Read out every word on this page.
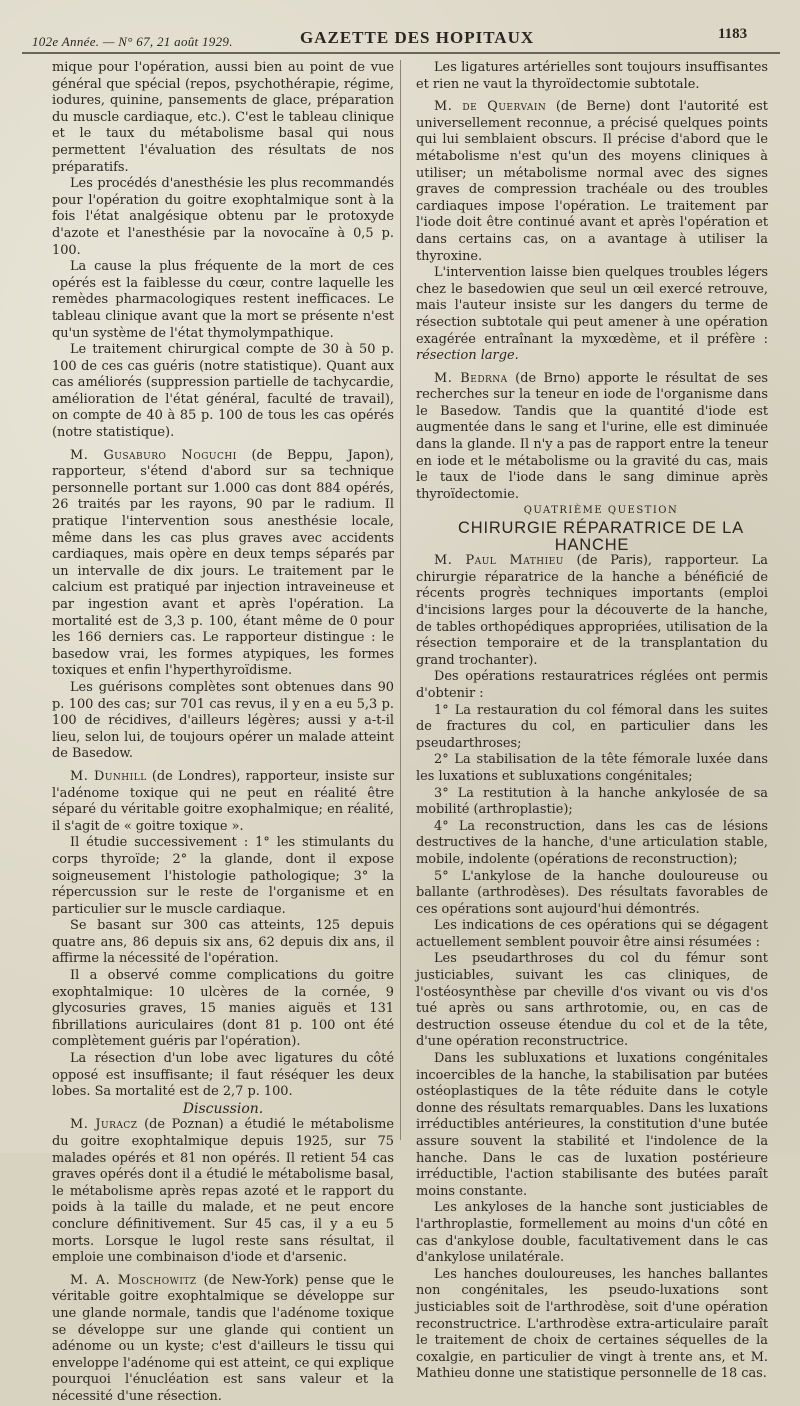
102e Année. — N° 67, 21 août 1929.	GAZETTE DES HOPITAUX	1183

mique pour l'opération, aussi bien au point de vue général que spécial (repos, psychothérapie, régime, iodures, quinine, pansements de glace, préparation du muscle cardiaque, etc.). C'est le tableau clinique et le taux du métabolisme basal qui nous permettent l'évaluation des résultats de nos préparatifs.

Les procédés d'anesthésie les plus recommandés pour l'opération du goitre exophtalmique sont à la fois l'état analgésique obtenu par le protoxyde d'azote et l'anesthésie par la novocaïne à 0,5 p. 100.

La cause la plus fréquente de la mort de ces opérés est la faiblesse du cœur, contre laquelle les remèdes pharmacologiques restent inefficaces. Le tableau clinique avant que la mort se présente n'est qu'un système de l'état thymolympathique.

Le traitement chirurgical compte de 30 à 50 p. 100 de ces cas guéris (notre statistique). Quant aux cas améliorés (suppression partielle de tachycardie, amélioration de l'état général, faculté de travail), on compte de 40 à 85 p. 100 de tous les cas opérés (notre statistique).

M. Gusaburo Noguchi (de Beppu, Japon), rapporteur, s'étend d'abord sur sa technique personnelle portant sur 1.000 cas dont 884 opérés, 26 traités par les rayons, 90 par le radium. Il pratique l'intervention sous anesthésie locale, même dans les cas plus graves avec accidents cardiaques, mais opère en deux temps séparés par un intervalle de dix jours. Le traitement par le calcium est pratiqué par injection intraveineuse et par ingestion avant et après l'opération. La mortalité est de 3,3 p. 100, étant même de 0 pour les 166 derniers cas. Le rapporteur distingue : le basedow vrai, les formes atypiques, les formes toxiques et enfin l'hyperthyroïdisme.

Les guérisons complètes sont obtenues dans 90 p. 100 des cas; sur 701 cas revus, il y en a eu 5,3 p. 100 de récidives, d'ailleurs légères; aussi y a-t-il lieu, selon lui, de toujours opérer un malade atteint de Basedow.

M. Dunhill (de Londres), rapporteur, insiste sur l'adénome toxique qui ne peut en réalité être séparé du véritable goitre exophalmique; en réalité, il s'agit de « goitre toxique ».

Il étudie successivement : 1° les stimulants du corps thyroïde; 2° la glande, dont il expose soigneusement l'histologie pathologique; 3° la répercussion sur le reste de l'organisme et en particulier sur le muscle cardiaque.

Se basant sur 300 cas atteints, 125 depuis quatre ans, 86 depuis six ans, 62 depuis dix ans, il affirme la nécessité de l'opération.

Il a observé comme complications du goitre exophtalmique: 10 ulcères de la cornée, 9 glycosuries graves, 15 manies aiguës et 131 fibrillations auriculaires (dont 81 p. 100 ont été complètement guéris par l'opération).

La résection d'un lobe avec ligatures du côté opposé est insuffisante; il faut réséquer les deux lobes. Sa mortalité est de 2,7 p. 100.

Discussion.

M. Juracz (de Poznan) a étudié le métabolisme du goitre exophtalmique depuis 1925, sur 75 malades opérés et 81 non opérés. Il retient 54 cas graves opérés dont il a étudié le métabolisme basal, le métabolisme après repas azoté et le rapport du poids à la taille du malade, et ne peut encore conclure définitivement. Sur 45 cas, il y a eu 5 morts. Lorsque le lugol reste sans résultat, il emploie une combinaison d'iode et d'arsenic.

M. A. Moschowitz (de New-York) pense que le véritable goitre exophtalmique se développe sur une glande normale, tandis que l'adénome toxique se développe sur une glande qui contient un adénome ou un kyste; c'est d'ailleurs le tissu qui enveloppe l'adénome qui est atteint, ce qui explique pourquoi l'énucléation est sans valeur et la nécessité d'une résection.

Les ligatures artérielles sont toujours insuffisantes et rien ne vaut la thyroïdectomie subtotale.

M. de Quervain (de Berne) dont l'autorité est universellement reconnue, a précisé quelques points qui lui semblaient obscurs. Il précise d'abord que le métabolisme n'est qu'un des moyens cliniques à utiliser; un métabolisme normal avec des signes graves de compression trachéale ou des troubles cardiaques impose l'opération. Le traitement par l'iode doit être continué avant et après l'opération et dans certains cas, on a avantage à utiliser la thyroxine.

L'intervention laisse bien quelques troubles légers chez le basedowien que seul un œil exercé retrouve, mais l'auteur insiste sur les dangers du terme de résection subtotale qui peut amener à une opération exagérée entraînant la myxœdème, et il préfère : résection large.

M. Bedrna (de Brno) apporte le résultat de ses recherches sur la teneur en iode de l'organisme dans le Basedow. Tandis que la quantité d'iode est augmentée dans le sang et l'urine, elle est diminuée dans la glande. Il n'y a pas de rapport entre la teneur en iode et le métabolisme ou la gravité du cas, mais le taux de l'iode dans le sang diminue après thyroïdectomie.

QUATRIÈME QUESTION

CHIRURGIE RÉPARATRICE DE LA HANCHE

M. Paul Mathieu (de Paris), rapporteur. La chirurgie réparatrice de la hanche a bénéficié de récents progrès techniques importants (emploi d'incisions larges pour la découverte de la hanche, de tables orthopédiques appropriées, utilisation de la résection temporaire et de la transplantation du grand trochanter).

Des opérations restauratrices réglées ont permis d'obtenir :

1° La restauration du col fémoral dans les suites de fractures du col, en particulier dans les pseudarthroses;

2° La stabilisation de la tête fémorale luxée dans les luxations et subluxations congénitales;

3° La restitution à la hanche ankylosée de sa mobilité (arthroplastie);

4° La reconstruction, dans les cas de lésions destructives de la hanche, d'une articulation stable, mobile, indolente (opérations de reconstruction);

5° L'ankylose de la hanche douloureuse ou ballante (arthrodèses). Des résultats favorables de ces opérations sont aujourd'hui démontrés.

Les indications de ces opérations qui se dégagent actuellement semblent pouvoir être ainsi résumées :

Les pseudarthroses du col du fémur sont justiciables, suivant les cas cliniques, de l'ostéosynthèse par cheville d'os vivant ou vis d'os tué après ou sans arthrotomie, ou, en cas de destruction osseuse étendue du col et de la tête, d'une opération reconstructrice.

Dans les subluxations et luxations congénitales incoercibles de la hanche, la stabilisation par butées ostéoplastiques de la tête réduite dans le cotyle donne des résultats remarquables. Dans les luxations irréductibles antérieures, la constitution d'une butée assure souvent la stabilité et l'indolence de la hanche. Dans le cas de luxation postérieure irréductible, l'action stabilisante des butées paraît moins constante.

Les ankyloses de la hanche sont justiciables de l'arthroplastie, formellement au moins d'un côté en cas d'ankylose double, facultativement dans le cas d'ankylose unilatérale.

Les hanches douloureuses, les hanches ballantes non congénitales, les pseudo-luxations sont justiciables soit de l'arthrodèse, soit d'une opération reconstructrice. L'arthrodèse extra-articulaire paraît le traitement de choix de certaines séquelles de la coxalgie, en particulier de vingt à trente ans, et M. Mathieu donne une statistique personnelle de 18 cas.
